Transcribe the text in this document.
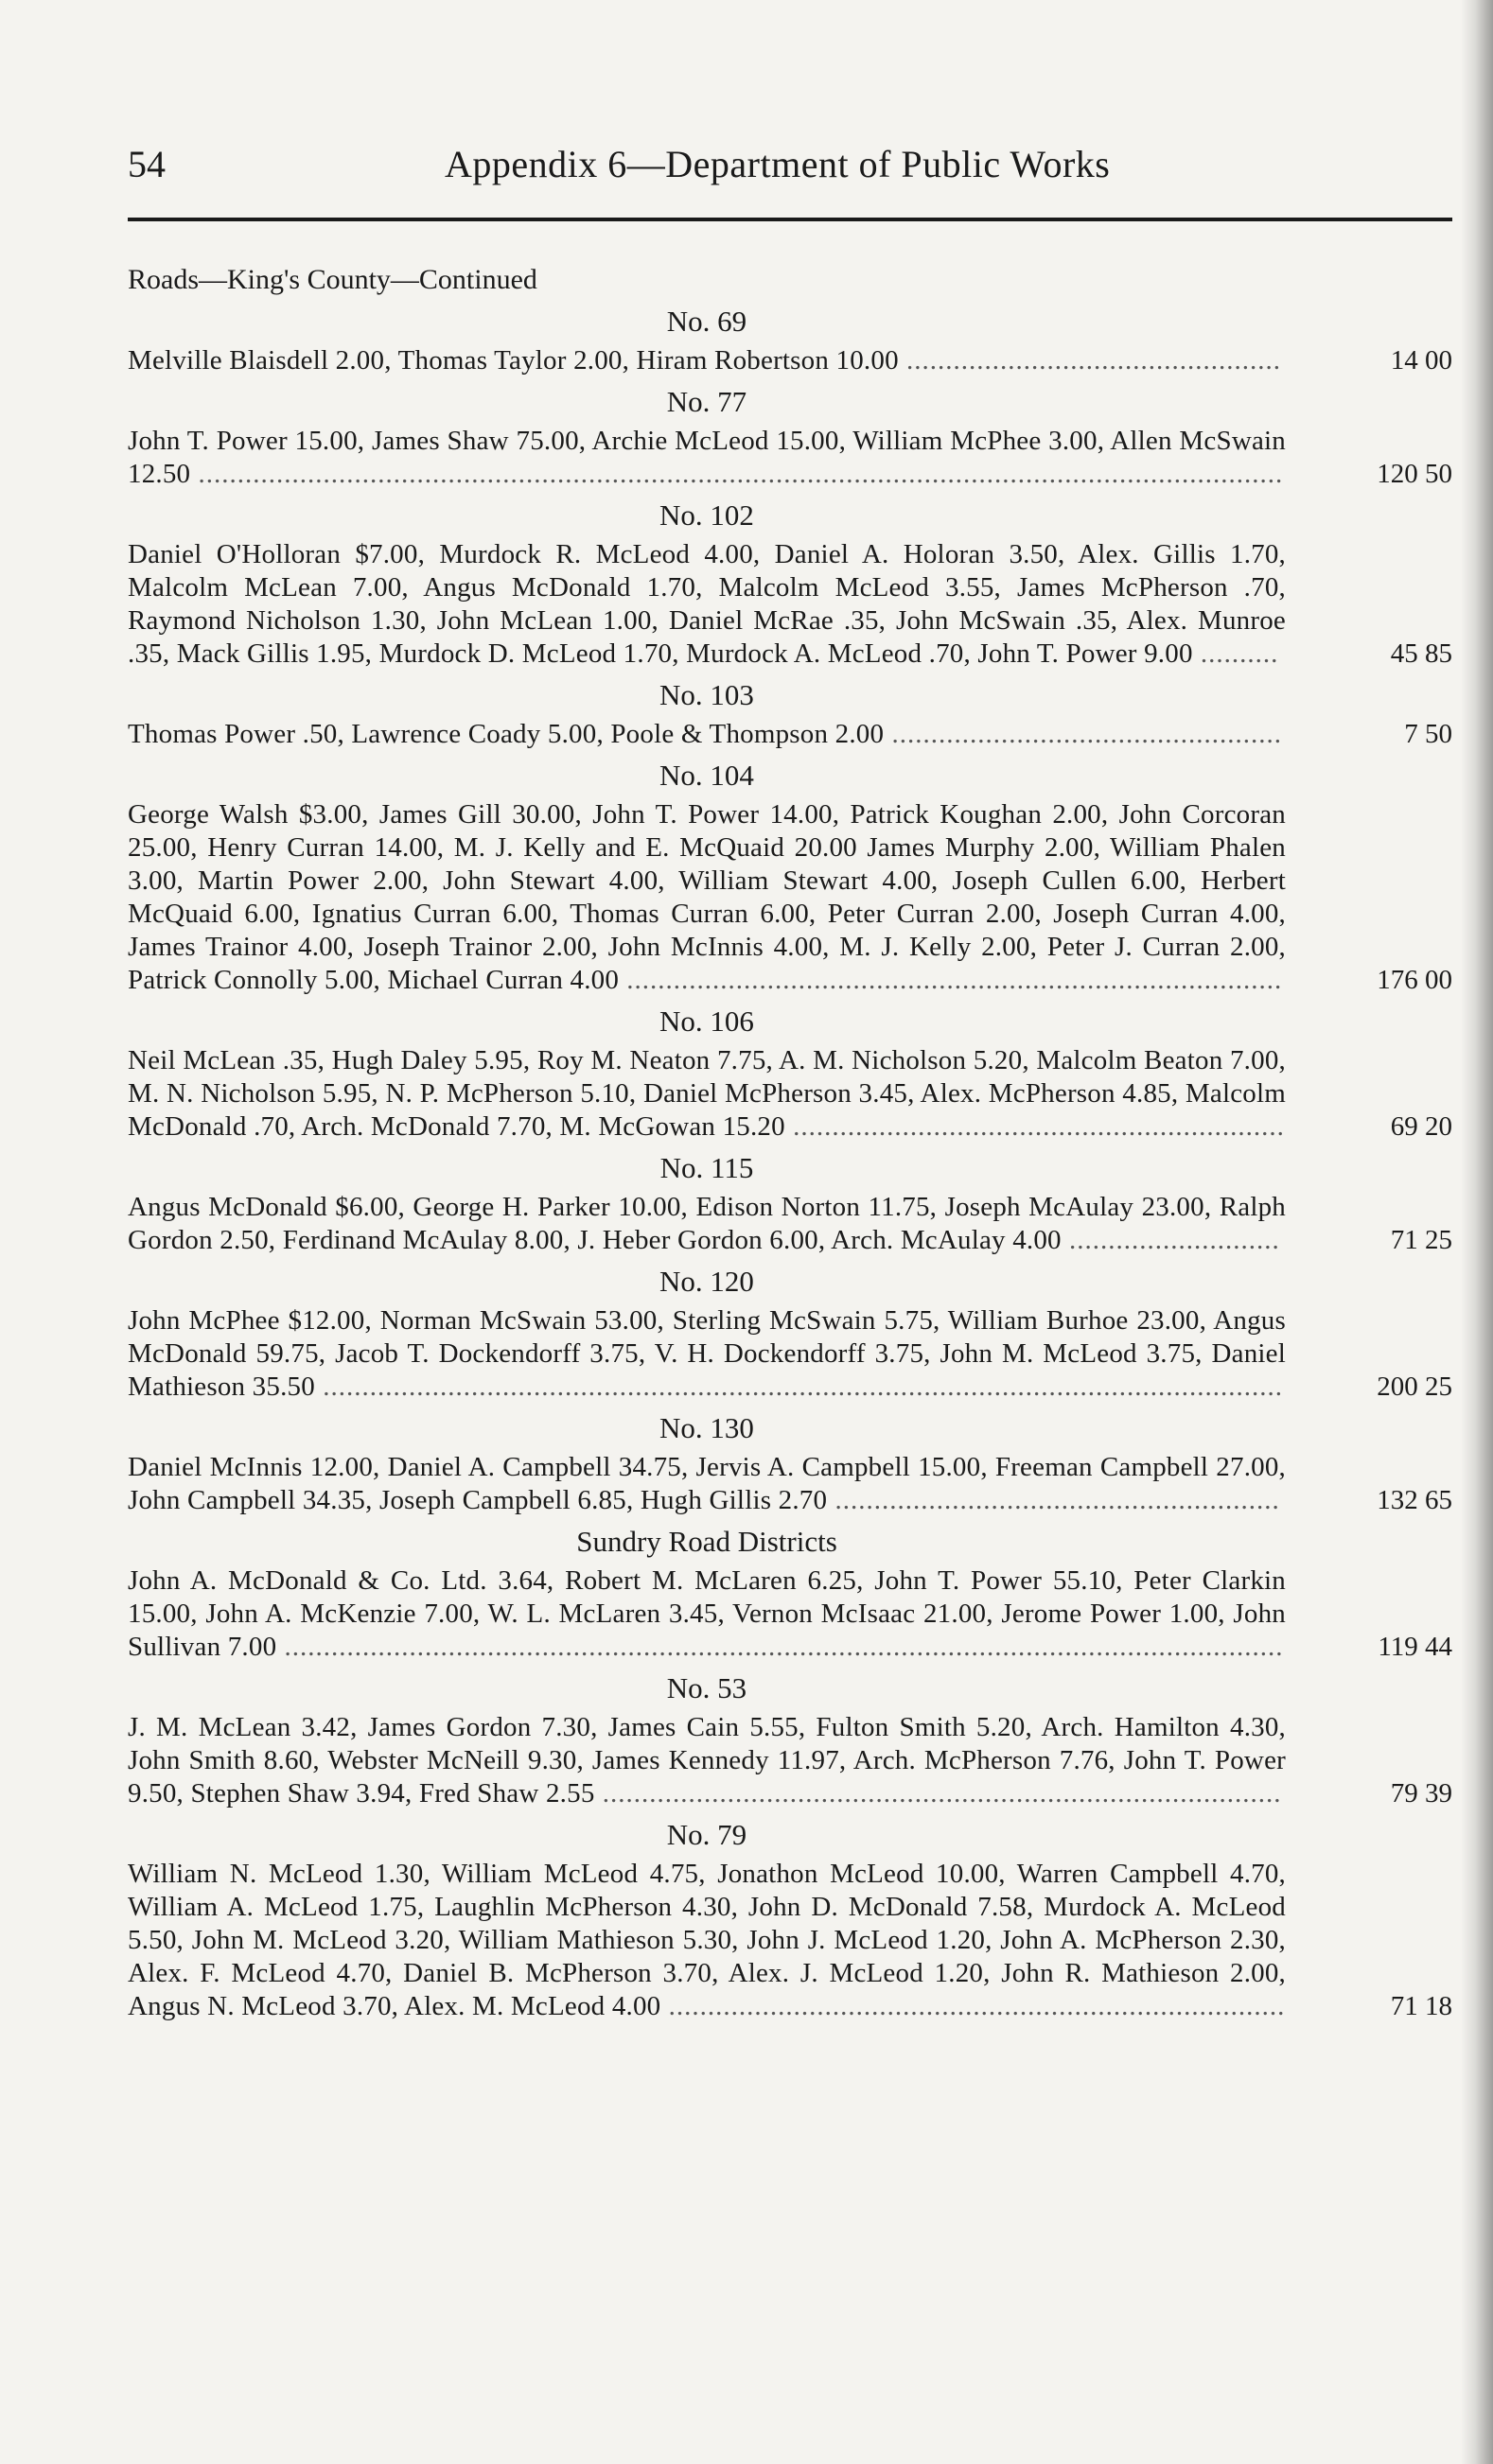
54	Appendix 6—Department of Public Works
Roads—King's County—Continued
No. 69
Melville Blaisdell 2.00, Thomas Taylor 2.00, Hiram Robertson 10.00 ................................................	14 00
No. 77
John T. Power 15.00, James Shaw 75.00, Archie McLeod 15.00, William McPhee 3.00, Allen McSwain 12.50 ...........................................................................................................................................	120 50
No. 102
Daniel O'Holloran $7.00, Murdock R. McLeod 4.00, Daniel A. Holoran 3.50, Alex. Gillis 1.70, Malcolm McLean 7.00, Angus McDonald 1.70, Malcolm McLeod 3.55, James McPherson .70, Raymond Nicholson 1.30, John McLean 1.00, Daniel McRae .35, John McSwain .35, Alex. Munroe .35, Mack Gillis 1.95, Murdock D. McLeod 1.70, Murdock A. McLeod .70, John T. Power 9.00 ..........	45 85
No. 103
Thomas Power .50, Lawrence Coady 5.00, Poole & Thompson 2.00 ..................................................	7 50
No. 104
George Walsh $3.00, James Gill 30.00, John T. Power 14.00, Patrick Koughan 2.00, John Corcoran 25.00, Henry Curran 14.00, M. J. Kelly and E. McQuaid 20.00 James Murphy 2.00, William Phalen 3.00, Martin Power 2.00, John Stewart 4.00, William Stewart 4.00, Joseph Cullen 6.00, Herbert McQuaid 6.00, Ignatius Curran 6.00, Thomas Curran 6.00, Peter Curran 2.00, Joseph Curran 4.00, James Trainor 4.00, Joseph Trainor 2.00, John McInnis 4.00, M. J. Kelly 2.00, Peter J. Curran 2.00, Patrick Connolly 5.00, Michael Curran 4.00 ....................................................................................	176 00
No. 106
Neil McLean .35, Hugh Daley 5.95, Roy M. Neaton 7.75, A. M. Nicholson 5.20, Malcolm Beaton 7.00, M. N. Nicholson 5.95, N. P. McPherson 5.10, Daniel McPherson 3.45, Alex. McPherson 4.85, Malcolm McDonald .70, Arch. McDonald 7.70, M. McGowan 15.20 ...............................................................	69 20
No. 115
Angus McDonald $6.00, George H. Parker 10.00, Edison Norton 11.75, Joseph McAulay 23.00, Ralph Gordon 2.50, Ferdinand McAulay 8.00, J. Heber Gordon 6.00, Arch. McAulay 4.00 ...........................	71 25
No. 120
John McPhee $12.00, Norman McSwain 53.00, Sterling McSwain 5.75, William Burhoe 23.00, Angus McDonald 59.75, Jacob T. Dockendorff 3.75, V. H. Dockendorff 3.75, John M. McLeod 3.75, Daniel Mathieson 35.50 ...........................................................................................................................	200 25
No. 130
Daniel McInnis 12.00, Daniel A. Campbell 34.75, Jervis A. Campbell 15.00, Freeman Campbell 27.00, John Campbell 34.35, Joseph Campbell 6.85, Hugh Gillis 2.70 .........................................................	132 65
Sundry Road Districts
John A. McDonald & Co. Ltd. 3.64, Robert M. McLaren 6.25, John T. Power 55.10, Peter Clarkin 15.00, John A. McKenzie 7.00, W. L. McLaren 3.45, Vernon McIsaac 21.00, Jerome Power 1.00, John Sullivan 7.00 ................................................................................................................................	119 44
No. 53
J. M. McLean 3.42, James Gordon 7.30, James Cain 5.55, Fulton Smith 5.20, Arch. Hamilton 4.30, John Smith 8.60, Webster McNeill 9.30, James Kennedy 11.97, Arch. McPherson 7.76, John T. Power 9.50, Stephen Shaw 3.94, Fred Shaw 2.55 .......................................................................................	79 39
No. 79
William N. McLeod 1.30, William McLeod 4.75, Jonathon McLeod 10.00, Warren Campbell 4.70, William A. McLeod 1.75, Laughlin McPherson 4.30, John D. McDonald 7.58, Murdock A. McLeod 5.50, John M. McLeod 3.20, William Mathieson 5.30, John J. McLeod 1.20, John A. McPherson 2.30, Alex. F. McLeod 4.70, Daniel B. McPherson 3.70, Alex. J. McLeod 1.20, John R. Mathieson 2.00, Angus N. McLeod 3.70, Alex. M. McLeod 4.00 ...............................................................................	71 18
